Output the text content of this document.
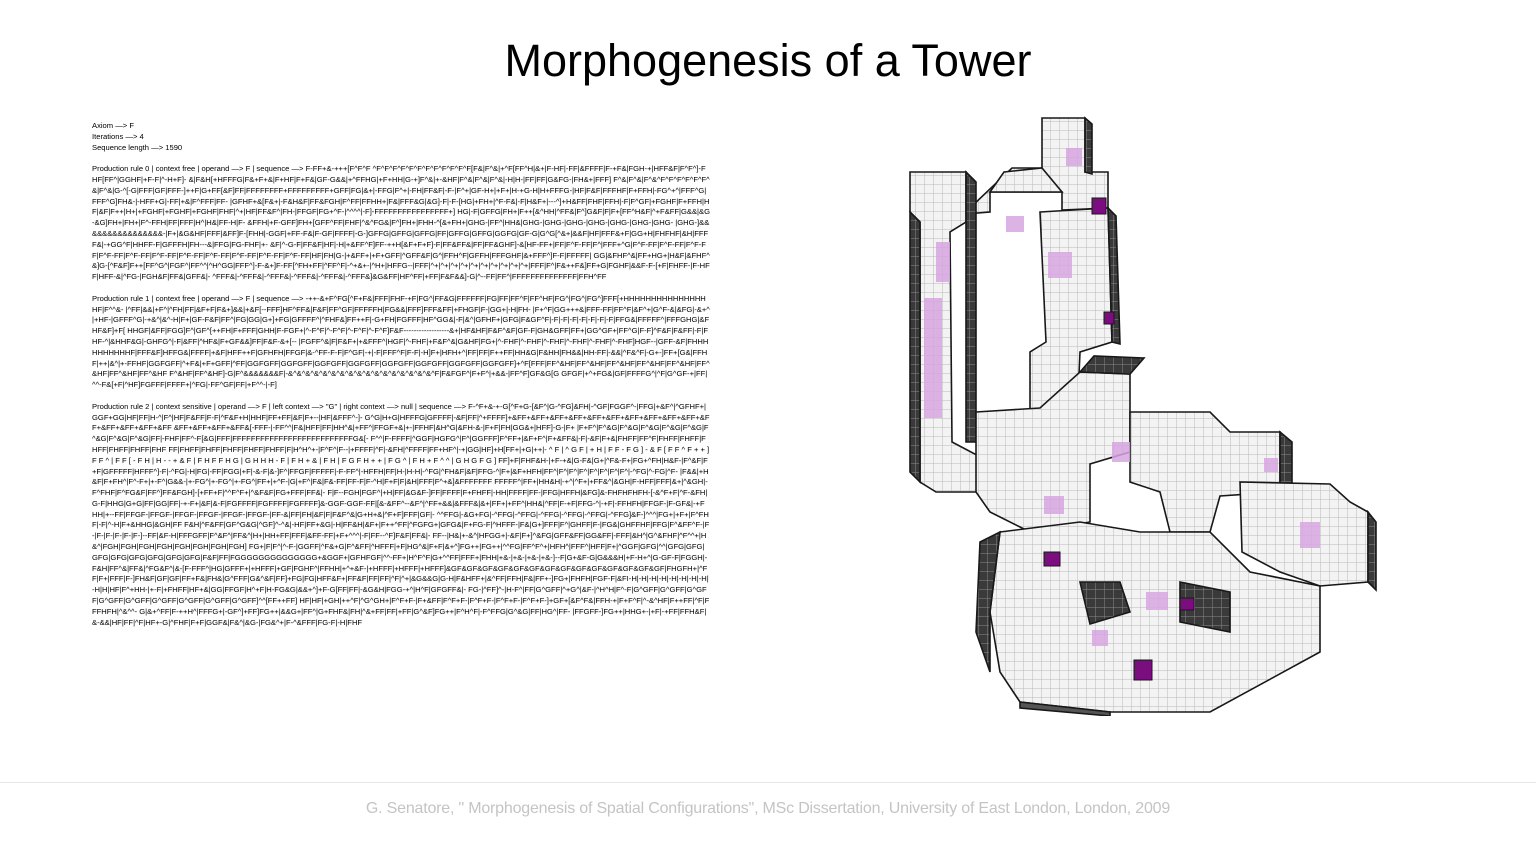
Morphogenesis of a Tower
Axiom —> F
Iterations —> 4
Sequence length —> 1590

Production rule 0 | context free | operand —> F | sequence —> F-FF+&-+++[F^F^F ^F^F^F^F^F^F^F^F^F^F^F^F[F&|F^&|+^F[FF^H|&+|F-HF|-FF|&FFFF|F-+F&|FGH-+|HFF&F|F^F^]-FHF[FF^|GGHF|+F-F|^-H+F]- &|F&H[+HFFFG|F&+F+&|F+HF|F+F&|GF-G&&|+^FFHG|+F+HH|G-+]F^&|+-&HF|F^&|F^&|F^&|-H|H-|FF|FF|G&FG-|FH&+|FFF] F^&|F^&|F^&^F^F^F^F^F^F^&|F^&|G-^[-G|FFF|GF|FFF-]++F|G+FF[&F]FF|FFFFFFFF+FFFFFFFFF+GFF|FG|&+|-FFG|F^+|-FH|FF&F|-F-|F^+|GF-H+|+F+|H-+G-H|H+FFFG-|HF|F&F|FFFHF|F+FFH|-FG^+^|FFF^G|FFF^G]FH&-|-HFF+G|-FF|+&|F^FFF|FF- |GFHF+&[F&+|-F&H&F|FF&FGH|F^FF|FFHH+|F&|FFF&G|&G]-F|-F-[HG|+FH+|^F-F&|-F|H&F+|---^]+H&FF|FHF|FFH|-F|F^GF|+FGHF|F+FFH|HF|&F|F++|H+|+FGHF|+FGHF|+FGHF|FHF|^+|HF|FF&F^|FH-|FFGF|FG+^F-|^^^^|-F]-FFFFFFFFFFFFFFFF+] HG|-F|GFFG|FH+|F++[&^HH|^FF&|F^]G&F|F|F+[FF^H&F|^+F&FF|G&&|&G-&G]FH+|FH+|F^-FFH|FF|FFF|H^|H&|FF-H|F- &FFH|+F-GFF]FH+[GFF^FF|FHF|^&^FG&|F^]FH+|FHH-^[&+FH+|GHG-|FF^|HH&|GHG-|GHG-|GHG-|GHG-|GHG-|GHG-|GHG- |GHG-]&&&&&&&&&&&&&&&&-|F+|&G&HF|FFF|&FF]F-[FHH|-GGF|+FF-F&|F-GF|FFFF|-G-]GFFG|GFFG|GFFG|FF|GFFG|GFFG|GGFG|GF-G|G^G[^&+|&&F|HF|FFF&+F|GG+H|FHFHF|&H|FFFF&|-+GG^F|HHFF-F|GFFFH|FH---&|FFG|FG-FHF|+- &F|^-G-F|FF&F|HF|-H|+&FF^F]FF-++H[&F+F+F]-F|FF&FF&|FF|FF&GHF]-&[HF-FF+|FF|F^F-FF|F^|FFF+^G|F^F-FF|F^F-FF|F^F-FF|F^F-FF|F^F-FF|F^F-FF|F^F-FF|F^F-FF|F^F-FF|F^F-FF|F^F-FF|HF|FH|G-|+&FF+|+F+GFF|^GFF&F|G^|FFH^F|GFFH|FFFGHF|&+FFF^]F-F|FFFFF| GG|&FHF^&|FF+HG+|H&F|&FHF^&]G-[^F&F]F++[FF^G^|FGF^|FF^^|^H^GG|FFF^]-F-&+]F-FF[^FH+FF|^FF^F|-^+&+-|^H+|HFFG--|FFF|^+|^+|^+|^+|^+|^+|^+|^+|^+|^+|FFF|F^|F&++F&]FF+G|FGHF|&&F-F-[+F|FHFF-|F-HFF|HFF-&|^FG-|FGH&F|FF&|GFF&|- ^FFF&|-^FFF&|-^FFF&|-^FFF&|-^FFF&|-^FFF&]&G&FF|HF^FF|+FF|F&F&&]-G|^--FF|FF^|FFFFFFFFFFFFFF|FFH^FF

Production rule 1 | context free | operand —> F | sequence —> -++-&+F^FG[^F+F&|FFF|FHF-+F|FG^|FF&G|FFFFFF|FG|FF|FF^F|FF^HF|FG^|FG^|FG^]FFF[+HHHHHHHHHHHHHHHHF|F^^&- |^FF|&&|+F^|^FH|FF|&F+F|F&+]&&|+&F[--FFF]HF^FF&|F&F|FF^GF|FFFFFH|FG&&|FFF]FFF&FF|+FHGF|F-|GG+|-H|FH- |F+^F|GG+++&|FFF-FF|FF^F|&F^+|G^F-&|&FG|-&+^|+HF-|GFFF^G|-+&^|&^-H|F+|GF-F&F|FF^|FG|GG|G+]+FG|GFFFF^|^FHF&]FF++F|-G+FH|FGFFF|HF^GG&|-F|&^|GFHF+|GFG|F&GF^F|-F|-F|-F|-F|-F|-F|-F|FFG&|FFFFF^|FFFGHG|&FHF&F]+F[ HHGF|&FF|FGG]F^|GF^[++FH|F+FFF|GHH|F-FGF+|^-F^F|^-F^F|^-F^F|^-F^F]F&F------------------&+|HF&HF|F&F^&F|GF-F|GH&GFF|FF+|GG^GF+|FF^G|F-F]^F&F|F&FF|-F|FHF-^|&HHF&G|-GHFG^|-F|&FF|^HF&|F+GF&&]FF|F&F-&+[-- |FGFF^&|F|F&F+|+&FFF^|HGF|^-FHF|+F&F^&|G&HF|FG+|^-FHF|^-FHF|^-FHF|^-FHF|^-FHF|^-FHF]HGF--|GFF-&F|FHHHHHHHHHHF|FFF&F]HFFG&|FFFF|+&F|HFF++F|GFHFH|FFGF|&-^FF-F-F|F^GF|-+|-F|FFF^F|F-F|-H]F+|HFH+^|FF|FF|F++FF|HH&G|F&HH|FH&&|HH-FF|-&&|^F&^F|-G+-]FF+[G&|FFHF|++|&^|+-FFHF|GGFGFF|^+F&|+F+GFF|^FF|GGFGFF|GGFGFF|GGFGFF|GGFGFF|GGFGFF|GGFGFF|GGFGFF|GGFGFF]+^F[FFF|FF^&HF|FF^&HF|FF^&HF|FF^&HF|FF^&HF|FF^&HF|FF^&HF|FF^&HF F^&HF|FF^&HF]-G|F^&&&&&&&F|-&^&^&^&^&^&^&^&^&^&^&^&^&^&^&^&^&^F|F&FGF^|F+F^|+&&-|FF^F]GF&G[G GFGF|+^+FG&|GF|FFFFG^|^F|G^GF-+|FF|^^-F&[+F|^HF]FGFFF|FFFF+|^FG|-FF^GF|FF|+F^^-|-F]

Production rule 2 | context sensitive | operand —> F | left context —> "G" | right context —> null | sequence —> F-^F+&-+-G[^F+G-[&F^|G-^FG]&FH|-^GF|FGGF^-|FFG|+&F^|^GFHF+|GGF+GG|HF|FF|H-^|F^|HF|F&FF|F-F|^F&F+H|HHF|FF+FF|&F|F+--|HF|&FFF^-]- G^G|H+G|HFFFG|GFFFF|-&F|FF|^+FFFF]+&FF+&FF+&FF+&FF+&FF+&FF+&FF+&FF+&FF+&FF+&FF+&FF+&FF+&FF+&FF &FF+&FF+&FF+&FF&[-FFF-|-FF^^|F&|HFF|FF|HH^&|+FF^|FFGF+&|+-|FFHF|&H^G|&FH-&-|F+F|FH|GG&+|HFF]-G-|F+ |F+F^|F^&G|F^&G|F^&G|F^&G|F^&G|F^&G|F^&G|F^&G|FF|-FHF|FF^-F[&G|FFF|FFFFFFFFFFFFFFFFFFFFFFFFFFG&[- F^^|F-FFFF|^GGF|HGFG^|F^|GGFFF]F^FF+|&F+F^|F+&FF&|-F|-&F|F+&|FHFF|FF^F|FHFF|FHFF|FHFF|FHFF|FHFF|FHF FF|FHFF|FHFF|FHFF|FHFF|FHFF|F|H^H^+-|F^F^|F--|+FFFF|^F|-&FH|^FFFF|FF+HF^|-+|GG|HF]+H[FF+|+G|++|- ^ F | ^ G F | + H | F F - F G ] - & F [ F F ^ F + + ] F F ^ | F F [ - F H | H - - + & F | F H F F H G | G H H H - F | F H + & | F H | F G F H + + | F G ^ | F H + F ^ ^ | G H G F G ] FF]+F|FHF&H-|+F-+&|G-F&|G+|^F&-F+|FG+^FH|H&F-|F^&F|F+F|GFFFFF|HFFF^]-F|-^FG|-H|FG|-FF|FGG|+F|-&-F|&-]F^|FFGF|FFFFF|-F-FF^|-HFFH|FF|H-|H-H|-^FG|^FH&F|&F|FFG-^|F+|&F+HFH|FF^|F^|F^|F^|F^|F^|F^|F^|-^FG|^-FG|^F- |F&&|+H&F|F+FH^|F^-F+|+-F^|G&&-|+-FG^|+-FG^|+-FG^|FF+|+^F-|G|+F^|F&|F&-FF|FF-F|F-^H|F+F|F|&H|FFF|F^+&]&FFFFFFF FFFFF^|FF+|HH&H|-+^|^F+|+FF&^|&GH|F-HFF|FFF|&+|^&GH|-F^FHF|F^FG&F|FF^]FF&FGH]-[+FF+F|^^F^F+|^&F&F|FG+FFF|FF&|- F|F--FGH|FGF^|+H|FF|&G&F-]FF|FFFF|F+FHFF|-HH|FFFF|FF-|FFG|HFFH|&FG]&-FHFHFHFH-[-&^F+F|^F-&FH|G-F|HHG|G+G|FF|GG|FF|-+-F+|&F|&-F|FGFFFF|FGFFFF|FGFFFF]&-GGF-GGF-FF|[&-&FF^--&F^|^FF+&&|&FFF&|&+|FF+|+FF^|HH&|^FF|F-+F|FFG-^|-+F|-FFHFH|FFGF-|F-GF&|-+FHH|+--FF|FFGF-|FFGF-|FFGF-|FFGF-|FFGF-|FFGF-|FF-&|FF|FH|&F|F|F&F^&|G+H+&|^F+F]FFF|GF|- ^^FFG|-&G+FG|-^FFG|-^FFG|-^FFG|-^FFG|-^FFG|-^FFG]&F-]^^^|FG+|+F+|F^FHF|-F|^-H|F+&HHG|&GH|FF F&H|^F&FF|GF^G&G|^GF]^-^&|-HF|FF+&G|-H|FF&H|&F+|F++^FF|^FGFG+|GFG&|F+FG-F|^HFFF-|F&|G+]FFF|F^|GHFF|F-|FG&|GHFFHF|FFG|F^&FF^F-|F-|F-|F-|F-|F-|F-]--FF|&F-H|FFFGFF|F^&F^|FF&^|H+|HH+FF|FFF|&FF-FF|+F+^^^|-F|FF--^F]F&F|FF&|- FF--|H&|+-&^|HFGG+|-&F|F+]^&FG|GFF&FF|GG&FF|-FFF|&H^|G^&FHF|^F^^+|H&^|FGH|FGH|FGH|FGH|FGH|FGH|FGH|FGH] FG+|F|F^|^-F-|GGFF|^F&+G|F^&FF|^HFFF|+F|HG^&|F+F|&+^]FG++|FG++|^^FG|FF^F^+|HFH^|FFF^|HFF|F+|^GGF|GFG|^^|GFG|GFG|GFG|GFG|GFG|GFG|GFG|GFG|F&F|FF|FGGGGGGGGGGGGGG+&GGF+|GFHFGF|^^-FF+|H^F^F|G+^^FF|FFF+|FHH|+&-|+&-|+&-|+&-]--F|G+&F-G|G&&&H|+F-H+^|G-GF-F|FGGH|-F&H|FF^&|FF&|^FG&F^|&-[F-FFF^|HG|GFFF+|+HFFF|+GF|FGHF^|FFHH|+^+&F-|+HFFF|+HFFF|+HFFF]&GF&GF&GF&GF&GF&GF&GF&GF&GF&GF&GF&GF&GF&GF|FHGFH+|^FF|F+|FFF|F-]FH&F|GF|GF|FF+F&|FH&|G^FFF|G&^&F|FF]+FG|FG|HFF&F+|FF&F|FF|FF|^F|^+|&G&&G|G-H|F&HFF+|&^FF|FFH|F&|FF+-]FG+|FHFH|FGF-F|&FI-H|-H|-H|-H|-H|-H|-H|-H|-H|H|HF|F^+HH-|+-F|+FHFF|HF+&|GG|FFGF|H^+F|H-FG&G|&&+^]+F-G[FF|FF|-&G&H|FGG-+^|H^F|GFGFF&|- FG-|^FF]^-|H-F^|FF|G^GFF|^+G^|&F-|^H^H|F^-F|G^GFF|G^GFF|G^GFF|G^GFF|G^GFF|G^GFF|G^GFF|G^GFF|G^GFF]^^[FF++FF] HF|HF|+GH|++^F|^G^GH+|F^F+F-|F+&FF|F^F+F-|F^F+F-|F^F+F-|F^F+F-]+GF+[&F^F&|FFH-+|F+F^F|^-&^HF|F++FF|^F|FFFHFH|^&^^- G|&+^FF|F-++H^|FFFG+|-GF^]+FF]FG++|&&G+|FF^|G+FHF&|FH|^&+FF|FF|+FF|G^&F]FG++|F^H^F|-F^FFG|G^&G|FF|HG^|FF- |FFGFF-]FG++|HHG+-|+F|-+FF|FFH&F|&-&&|HF|FF|^F|HF+-G|^FHF|F+F|GGF&|F&^|&G-|FG&^+|F-^&FFF|FG-F|-H|FHF

G. Senatore, " Morphogenesis of Spatial Configurations", MSc Dissertation, University of East London, London, 2009
